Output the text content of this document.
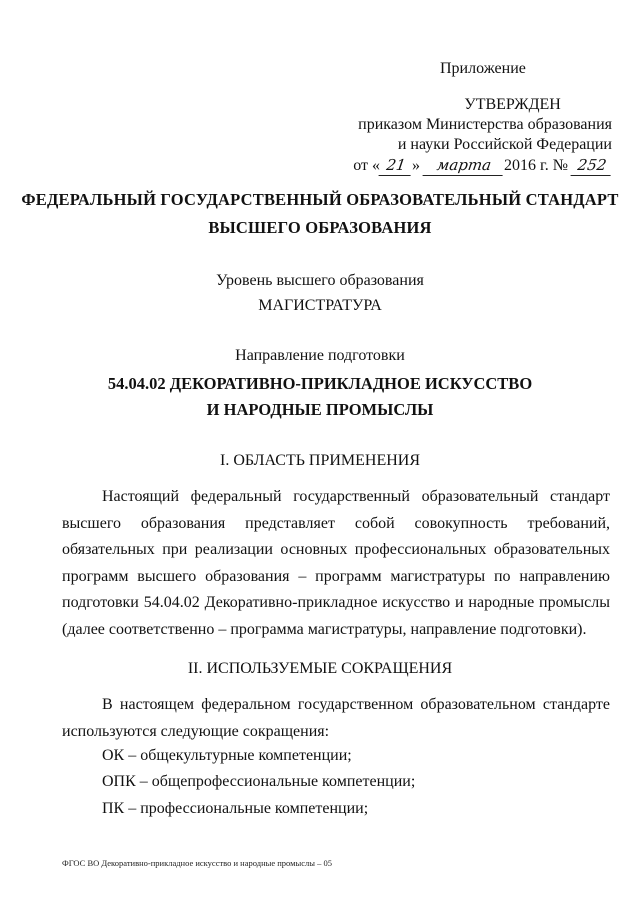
Приложение
УТВЕРЖДЕН
приказом Министерства образования
и науки Российской Федерации
от « 21 » марта 2016 г. № 252
ФЕДЕРАЛЬНЫЙ ГОСУДАРСТВЕННЫЙ ОБРАЗОВАТЕЛЬНЫЙ СТАНДАРТ
ВЫСШЕГО ОБРАЗОВАНИЯ
Уровень высшего образования
МАГИСТРАТУРА
Направление подготовки
54.04.02 ДЕКОРАТИВНО-ПРИКЛАДНОЕ ИСКУССТВО
И НАРОДНЫЕ ПРОМЫСЛЫ
I. ОБЛАСТЬ ПРИМЕНЕНИЯ
Настоящий федеральный государственный образовательный стандарт высшего образования представляет собой совокупность требований, обязательных при реализации основных профессиональных образовательных программ высшего образования – программ магистратуры по направлению подготовки 54.04.02 Декоративно-прикладное искусство и народные промыслы (далее соответственно – программа магистратуры, направление подготовки).
II. ИСПОЛЬЗУЕМЫЕ СОКРАЩЕНИЯ
В настоящем федеральном государственном образовательном стандарте используются следующие сокращения:
ОК – общекультурные компетенции;
ОПК – общепрофессиональные компетенции;
ПК – профессиональные компетенции;
ФГОС ВО Декоративно-прикладное искусство и народные промыслы – 05
